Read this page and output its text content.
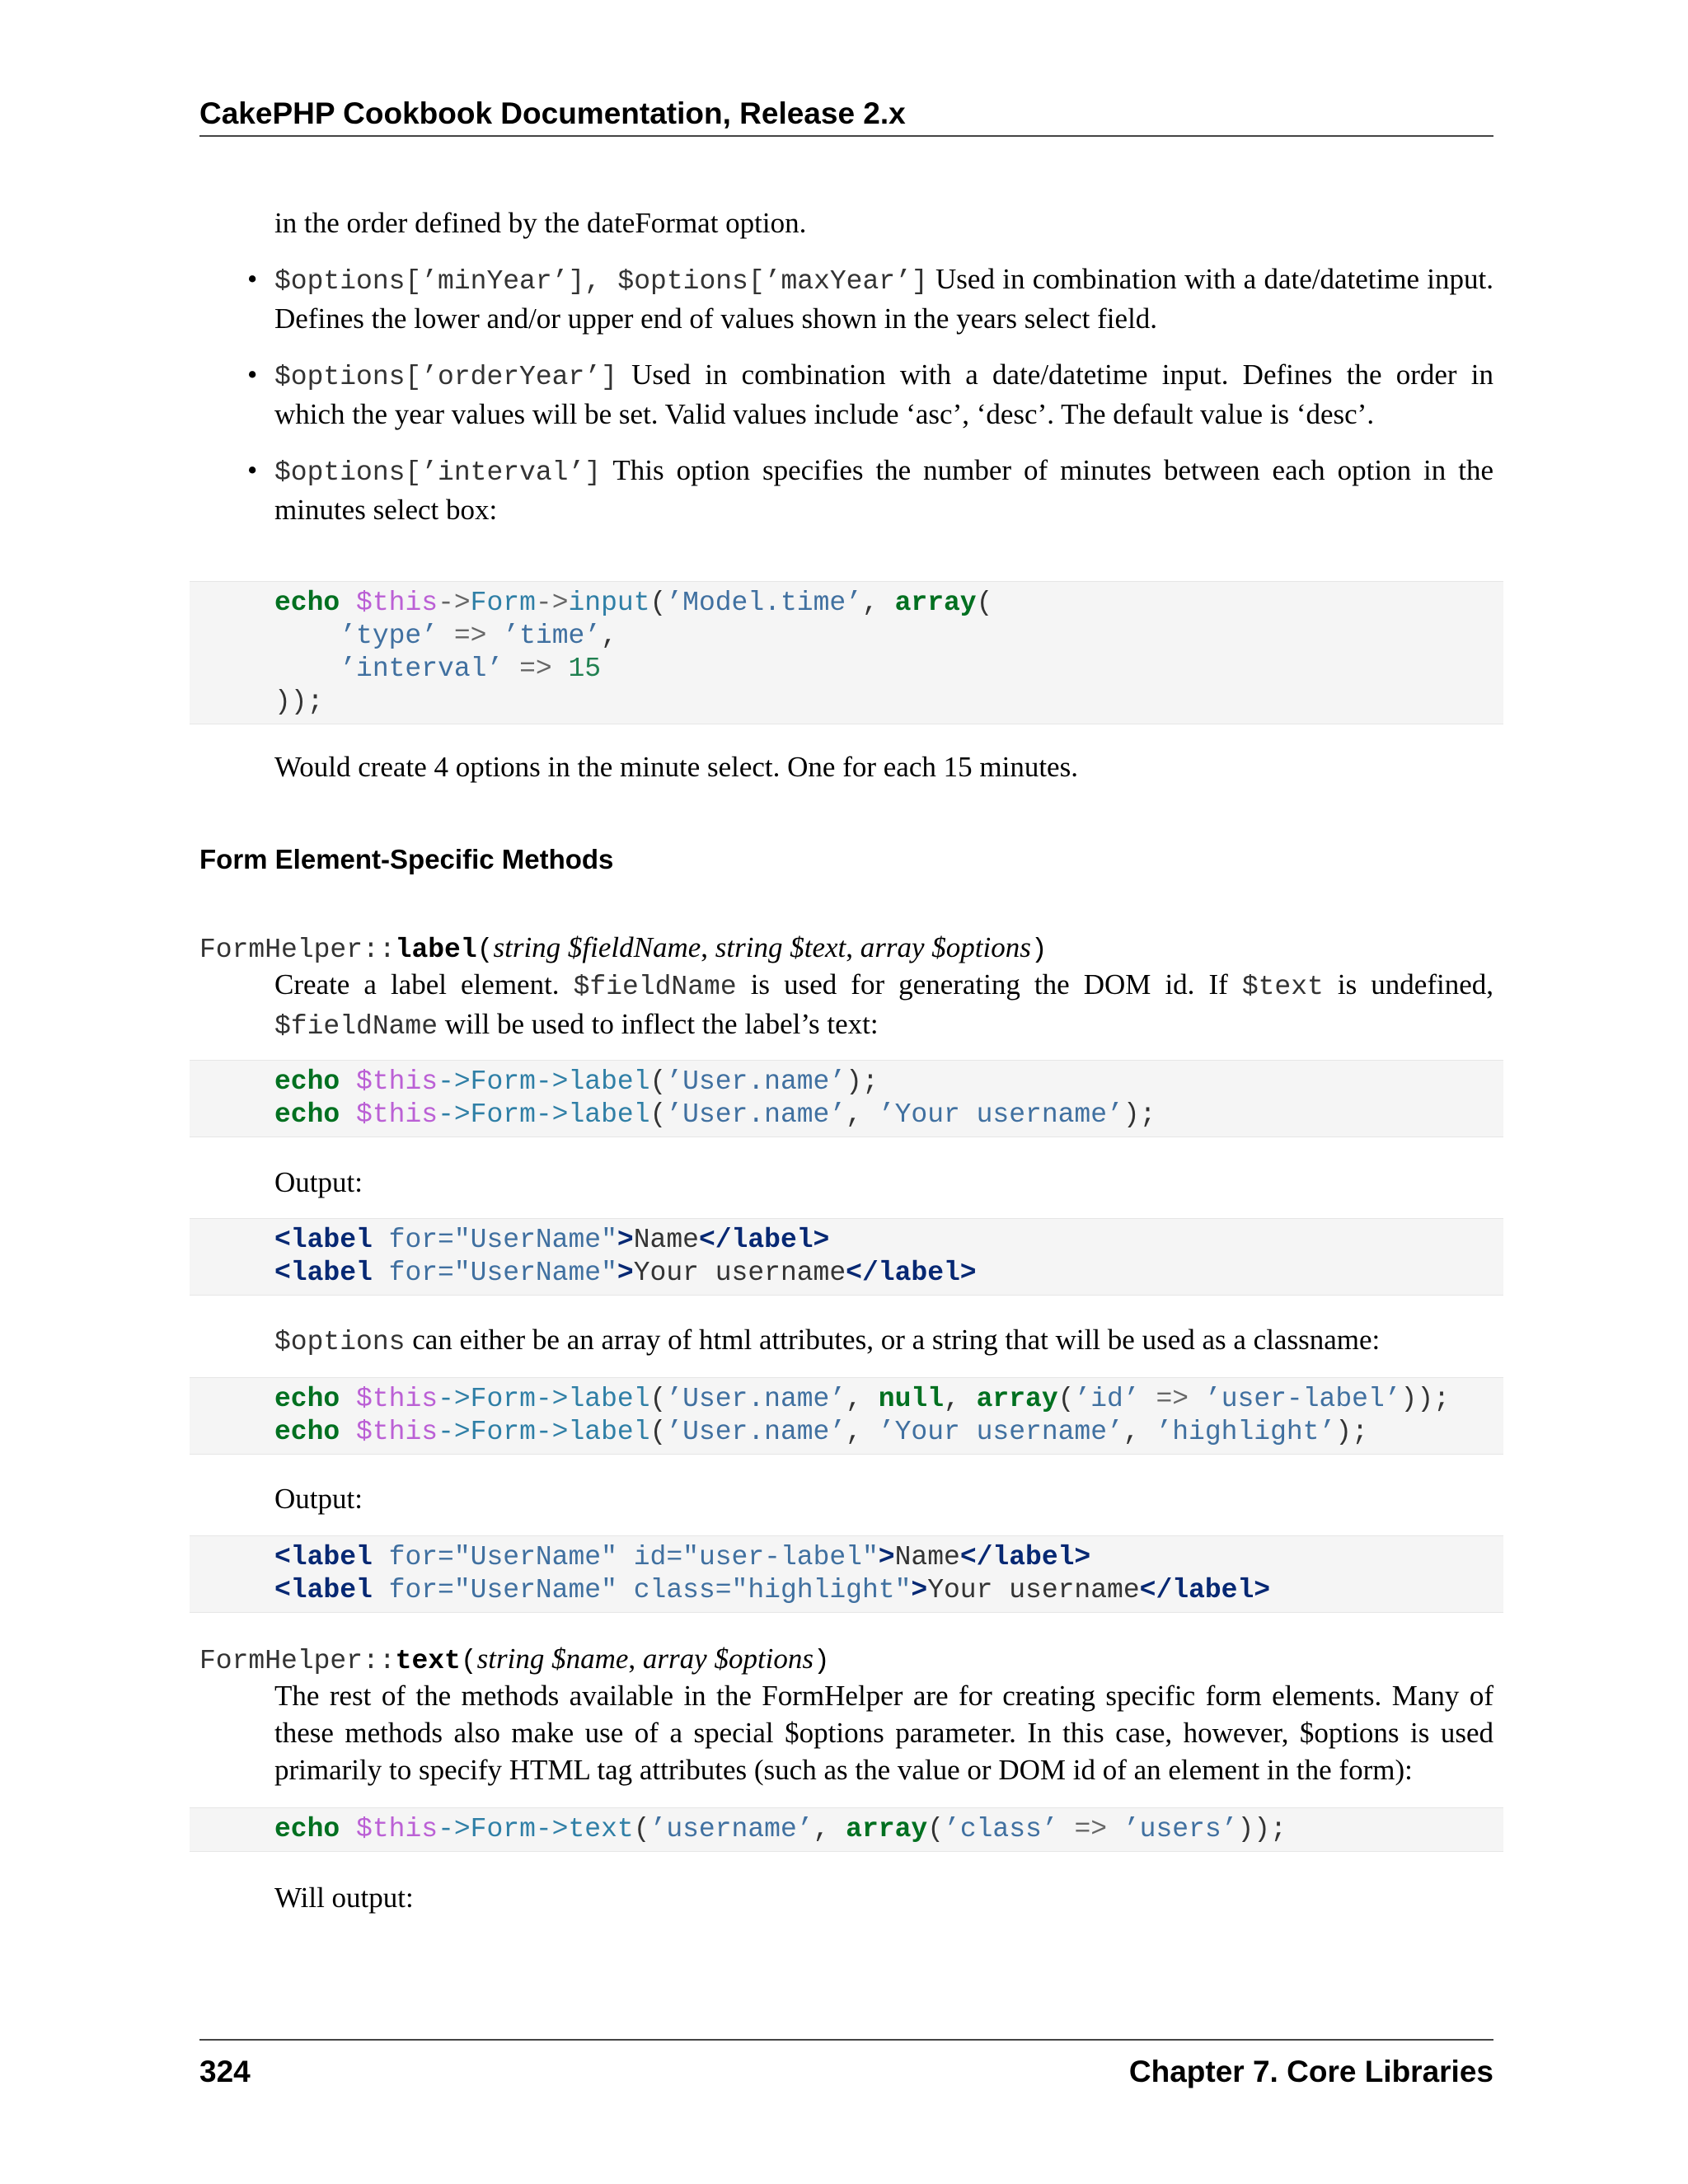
CakePHP Cookbook Documentation, Release 2.x
in the order defined by the dateFormat option.
• $options[’minYear’], $options[’maxYear’] Used in combination with a date/datetime input. Defines the lower and/or upper end of values shown in the years select field.
• $options[’orderYear’] Used in combination with a date/datetime input. Defines the order in which the year values will be set. Valid values include ‘asc’, ‘desc’. The default value is ‘desc’.
• $options[’interval’] This option specifies the number of minutes between each option in the minutes select box:
echo $this->Form->input(’Model.time’, array(
’type’ => ’time’,
’interval’ => 15
));
Would create 4 options in the minute select. One for each 15 minutes.
Form Element-Specific Methods
FormHelper::label(string $fieldName, string $text, array $options)
Create a label element. $fieldName is used for generating the DOM id. If $text is undefined, $fieldName will be used to inflect the label’s text:
echo $this->Form->label(’User.name’);
echo $this->Form->label(’User.name’, ’Your username’);
Output:
<label for="UserName">Name</label>
<label for="UserName">Your username</label>
$options can either be an array of html attributes, or a string that will be used as a classname:
echo $this->Form->label(’User.name’, null, array(’id’ => ’user-label’));
echo $this->Form->label(’User.name’, ’Your username’, ’highlight’);
Output:
<label for="UserName" id="user-label">Name</label>
<label for="UserName" class="highlight">Your username</label>
FormHelper::text(string $name, array $options)
The rest of the methods available in the FormHelper are for creating specific form elements. Many of these methods also make use of a special $options parameter. In this case, however, $options is used primarily to specify HTML tag attributes (such as the value or DOM id of an element in the form):
echo $this->Form->text(’username’, array(’class’ => ’users’));
Will output:
324	Chapter 7. Core Libraries
